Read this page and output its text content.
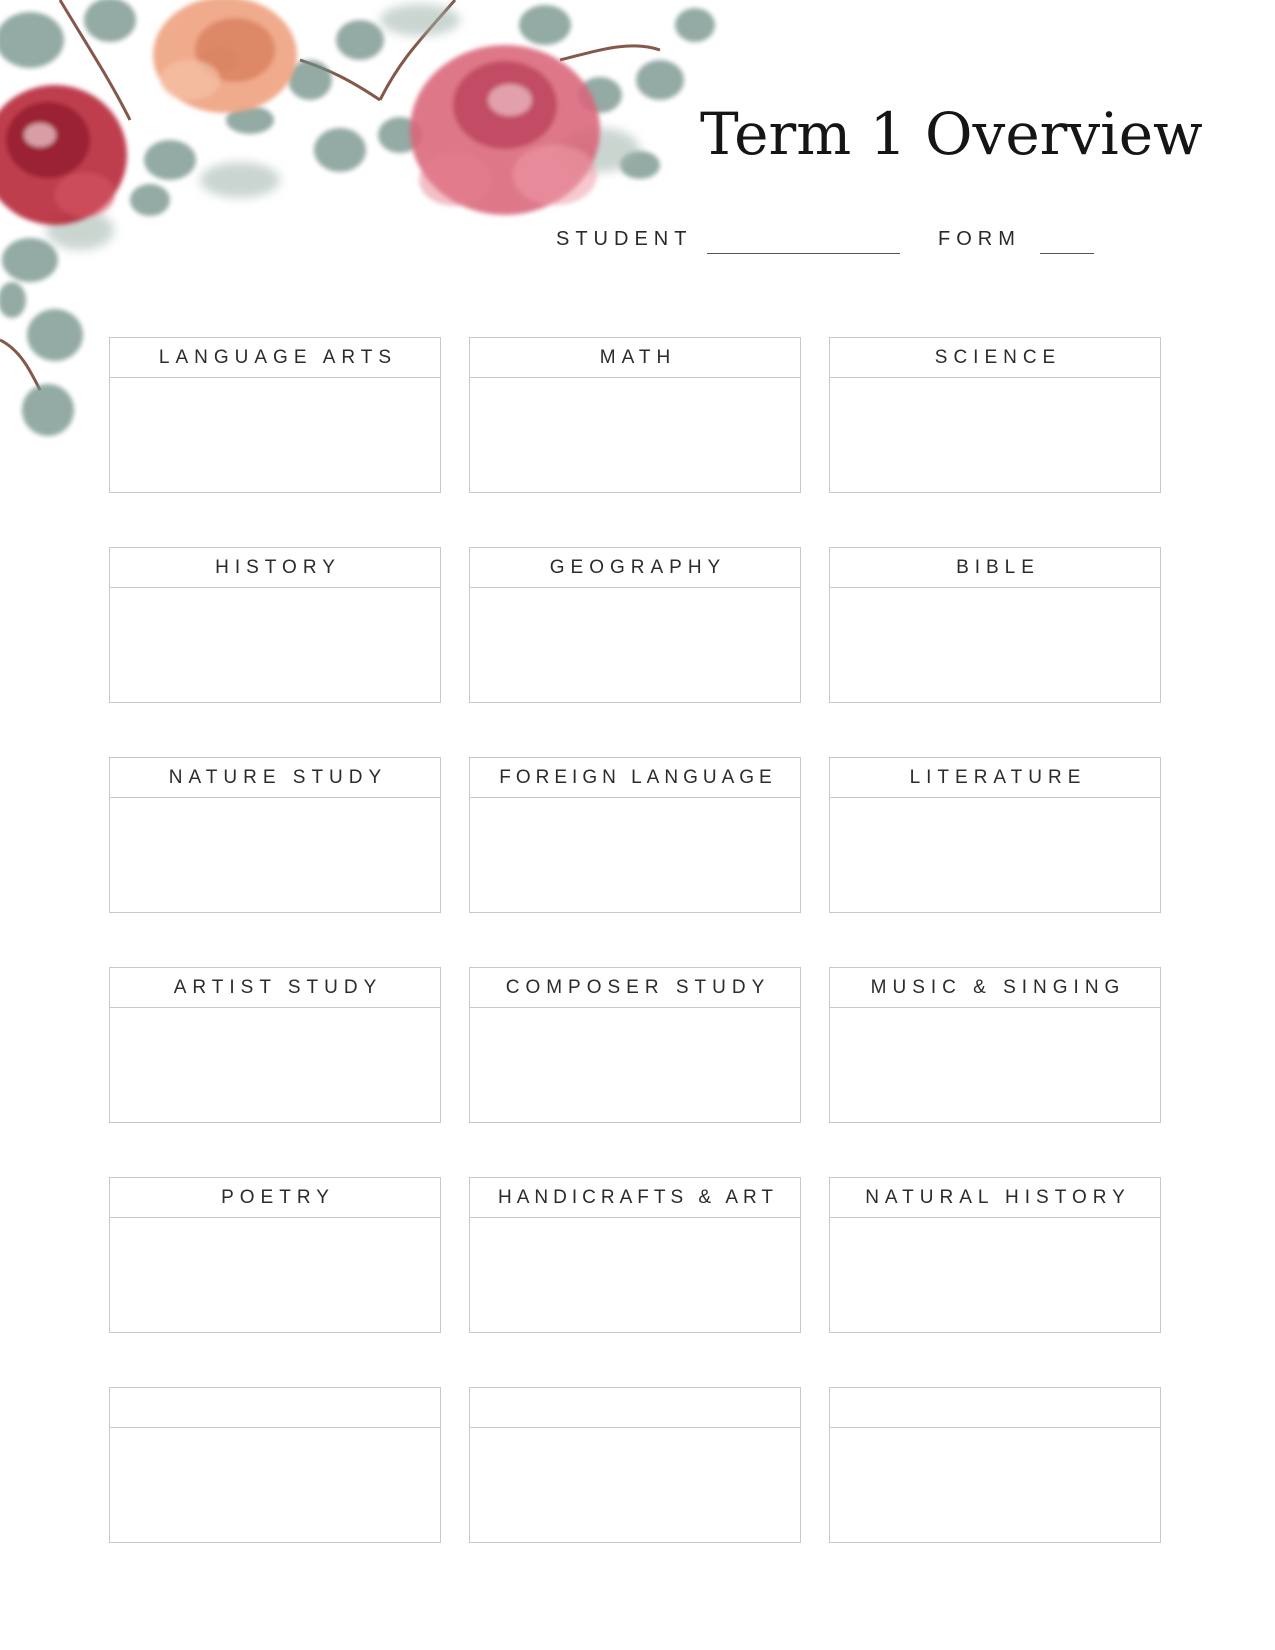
Term 1 Overview
STUDENT	FORM
LANGUAGE ARTS	MATH	SCIENCE
HISTORY	GEOGRAPHY	BIBLE
NATURE STUDY	FOREIGN LANGUAGE	LITERATURE
ARTIST STUDY	COMPOSER STUDY	MUSIC & SINGING
POETRY	HANDICRAFTS & ART	NATURAL HISTORY
